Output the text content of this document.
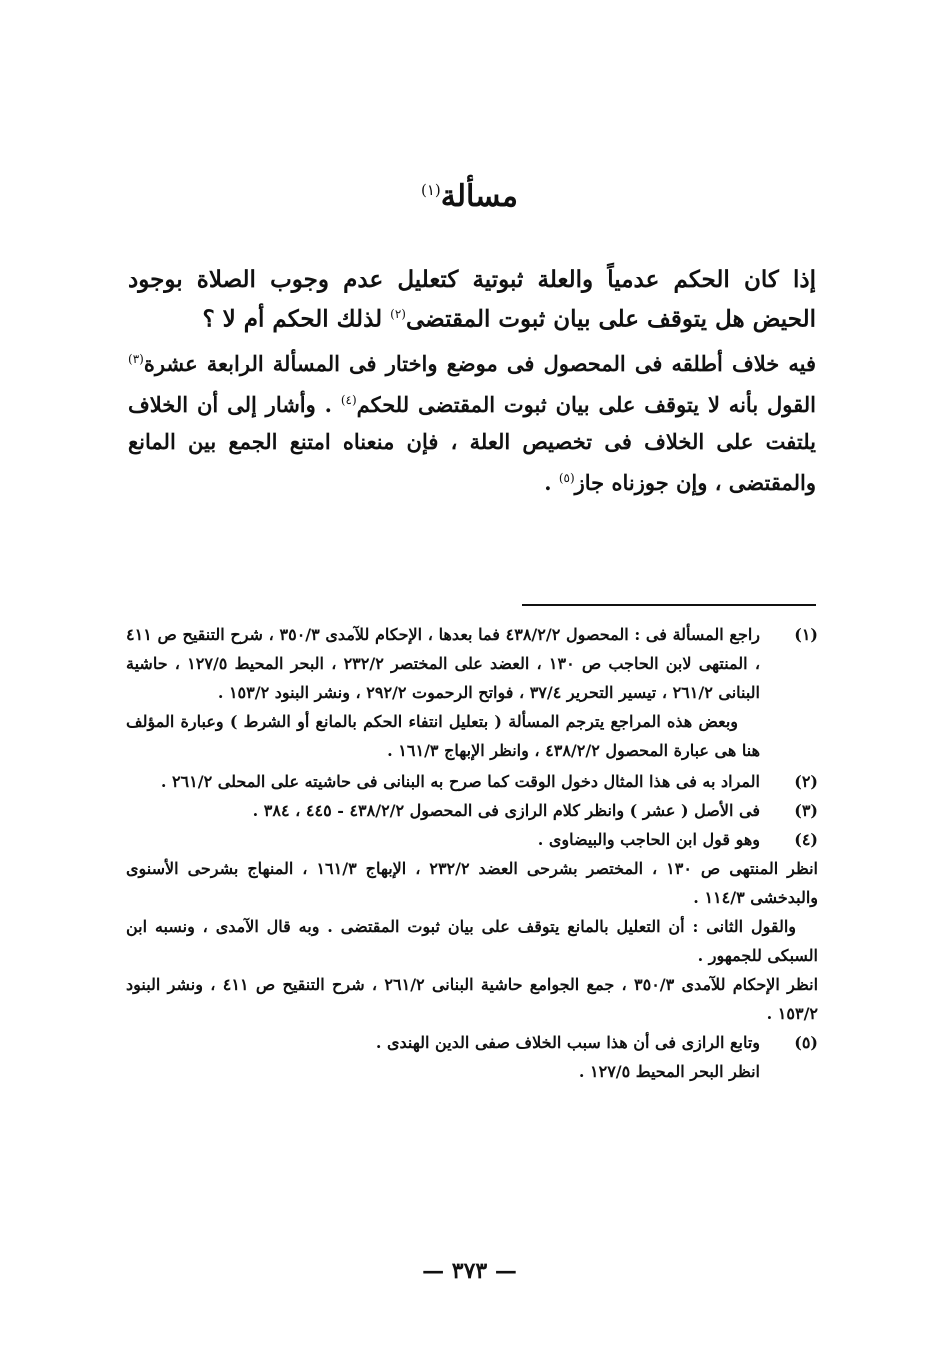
مسألة$^{(١)}$

إذا كان الحكم عدمياً والعلة ثبوتية كتعليل عدم وجوب الصلاة بوجود الحيض هل يتوقف على بيان ثبوت المقتضى$^{(٢)}$ لذلك الحكم أم لا ؟

فيه خلاف أطلقه فى المحصول فى موضع واختار فى المسألة الرابعة عشرة$^{(٣)}$ القول بأنه لا يتوقف على بيان ثبوت المقتضى للحكم$^{(٤)}$ . وأشار إلى أن الخلاف يلتفت على الخلاف فى تخصيص العلة ، فإن منعناه امتنع الجمع بين المانع والمقتضى ، وإن جوزناه جاز$^{(٥)}$ .

(١)

راجع المسألة فى : المحصول ٤٣٨/٢/٢ فما بعدها ، الإحكام للآمدى ٣٥٠/٣ ، شرح التنقيح ص ٤١١ ، المنتهى لابن الحاجب ص ١٣٠ ، العضد على المختصر ٢٣٢/٢ ، البحر المحيط ١٢٧/٥ ، حاشية البنانى ٢٦١/٢ ، تيسير التحرير ٣٧/٤ ، فواتح الرحموت ٢٩٢/٢ ، ونشر البنود ١٥٣/٢ .

وبعض هذه المراجع يترجم المسألة ( بتعليل انتفاء الحكم بالمانع أو الشرط ) وعبارة المؤلف هنا هى عبارة المحصول ٤٣٨/٢/٢ ، وانظر الإبهاج ١٦١/٣ .

(٢)

المراد به فى هذا المثال دخول الوقت كما صرح به البنانى فى حاشيته على المحلى ٢٦١/٢ .

(٣)

فى الأصل ( عشر ) وانظر كلام الرازى فى المحصول ٤٣٨/٢/٢ - ٤٤٥ ، ٣٨٤ .

(٤)

وهو قول ابن الحاجب والبيضاوى .

انظر المنتهى ص ١٣٠ ، المختصر بشرحى العضد ٢٣٢/٢ ، الإبهاج ١٦١/٣ ، المنهاج بشرحى الأسنوى والبدخشى ١١٤/٣ .

والقول الثانى : أن التعليل بالمانع يتوقف على بيان ثبوت المقتضى . وبه قال الآمدى ، ونسبه ابن السبكى للجمهور .

انظر الإحكام للآمدى ٣٥٠/٣ ، جمع الجوامع حاشية البنانى ٢٦١/٢ ، شرح التنقيح ص ٤١١ ، ونشر البنود ١٥٣/٢ .

(٥)

وتابع الرازى فى أن هذا سبب الخلاف صفى الدين الهندى .

انظر البحر المحيط ١٢٧/٥ .

— ٣٧٣ —
